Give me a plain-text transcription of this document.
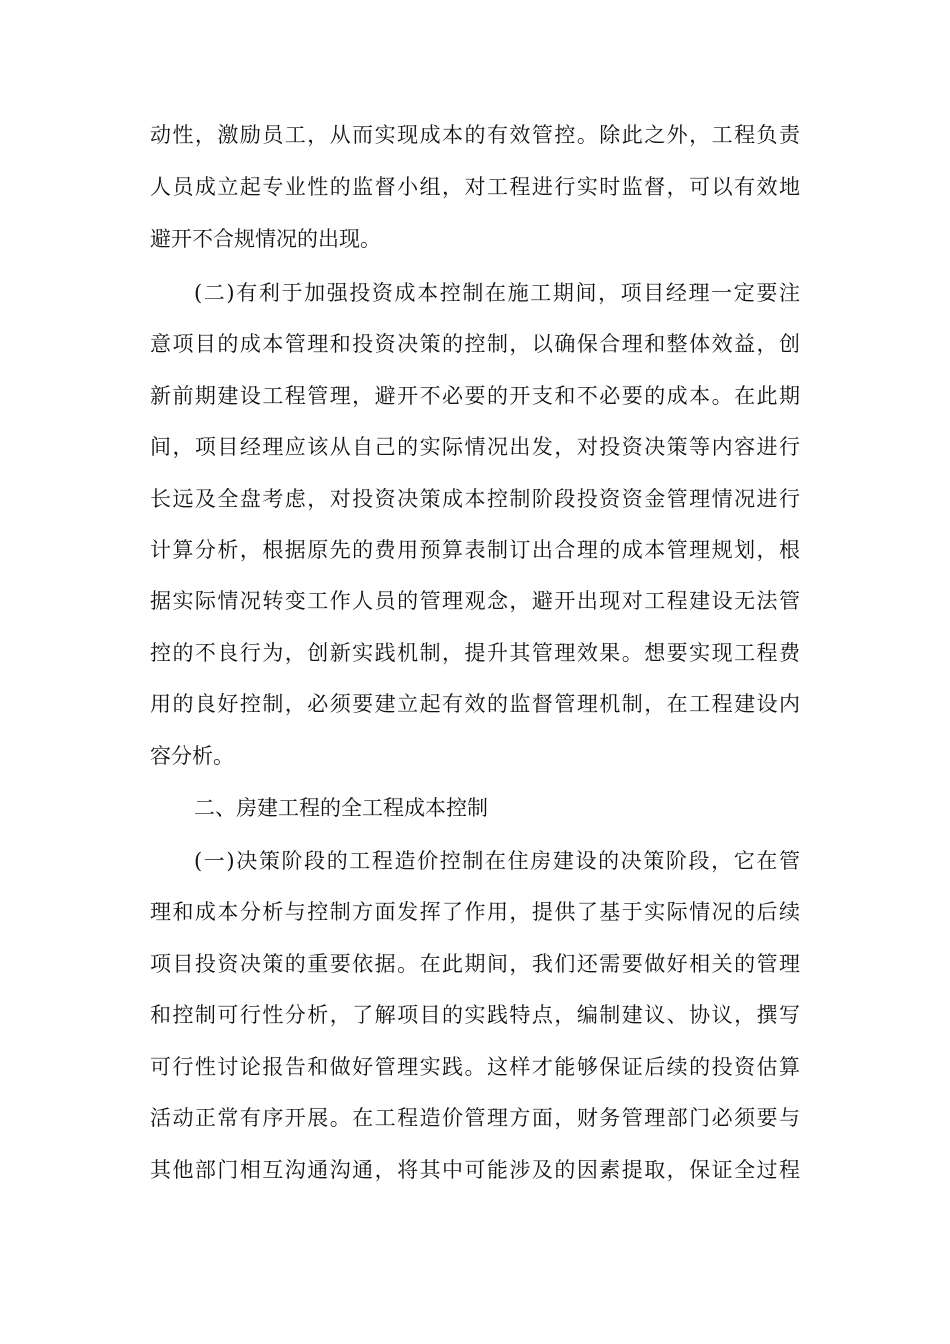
动性，激励员工，从而实现成本的有效管控。除此之外，工程负责
人员成立起专业性的监督小组，对工程进行实时监督，可以有效地
避开不合规情况的出现。
(二)有利于加强投资成本控制在施工期间，项目经理一定要注
意项目的成本管理和投资决策的控制，以确保合理和整体效益，创
新前期建设工程管理，避开不必要的开支和不必要的成本。在此期
间，项目经理应该从自己的实际情况出发，对投资决策等内容进行
长远及全盘考虑，对投资决策成本控制阶段投资资金管理情况进行
计算分析，根据原先的费用预算表制订出合理的成本管理规划，根
据实际情况转变工作人员的管理观念，避开出现对工程建设无法管
控的不良行为，创新实践机制，提升其管理效果。想要实现工程费
用的良好控制，必须要建立起有效的监督管理机制，在工程建设内
容分析。
二、房建工程的全工程成本控制
(一)决策阶段的工程造价控制在住房建设的决策阶段，它在管
理和成本分析与控制方面发挥了作用，提供了基于实际情况的后续
项目投资决策的重要依据。在此期间，我们还需要做好相关的管理
和控制可行性分析，了解项目的实践特点，编制建议、协议，撰写
可行性讨论报告和做好管理实践。这样才能够保证后续的投资估算
活动正常有序开展。在工程造价管理方面，财务管理部门必须要与
其他部门相互沟通沟通，将其中可能涉及的因素提取，保证全过程
